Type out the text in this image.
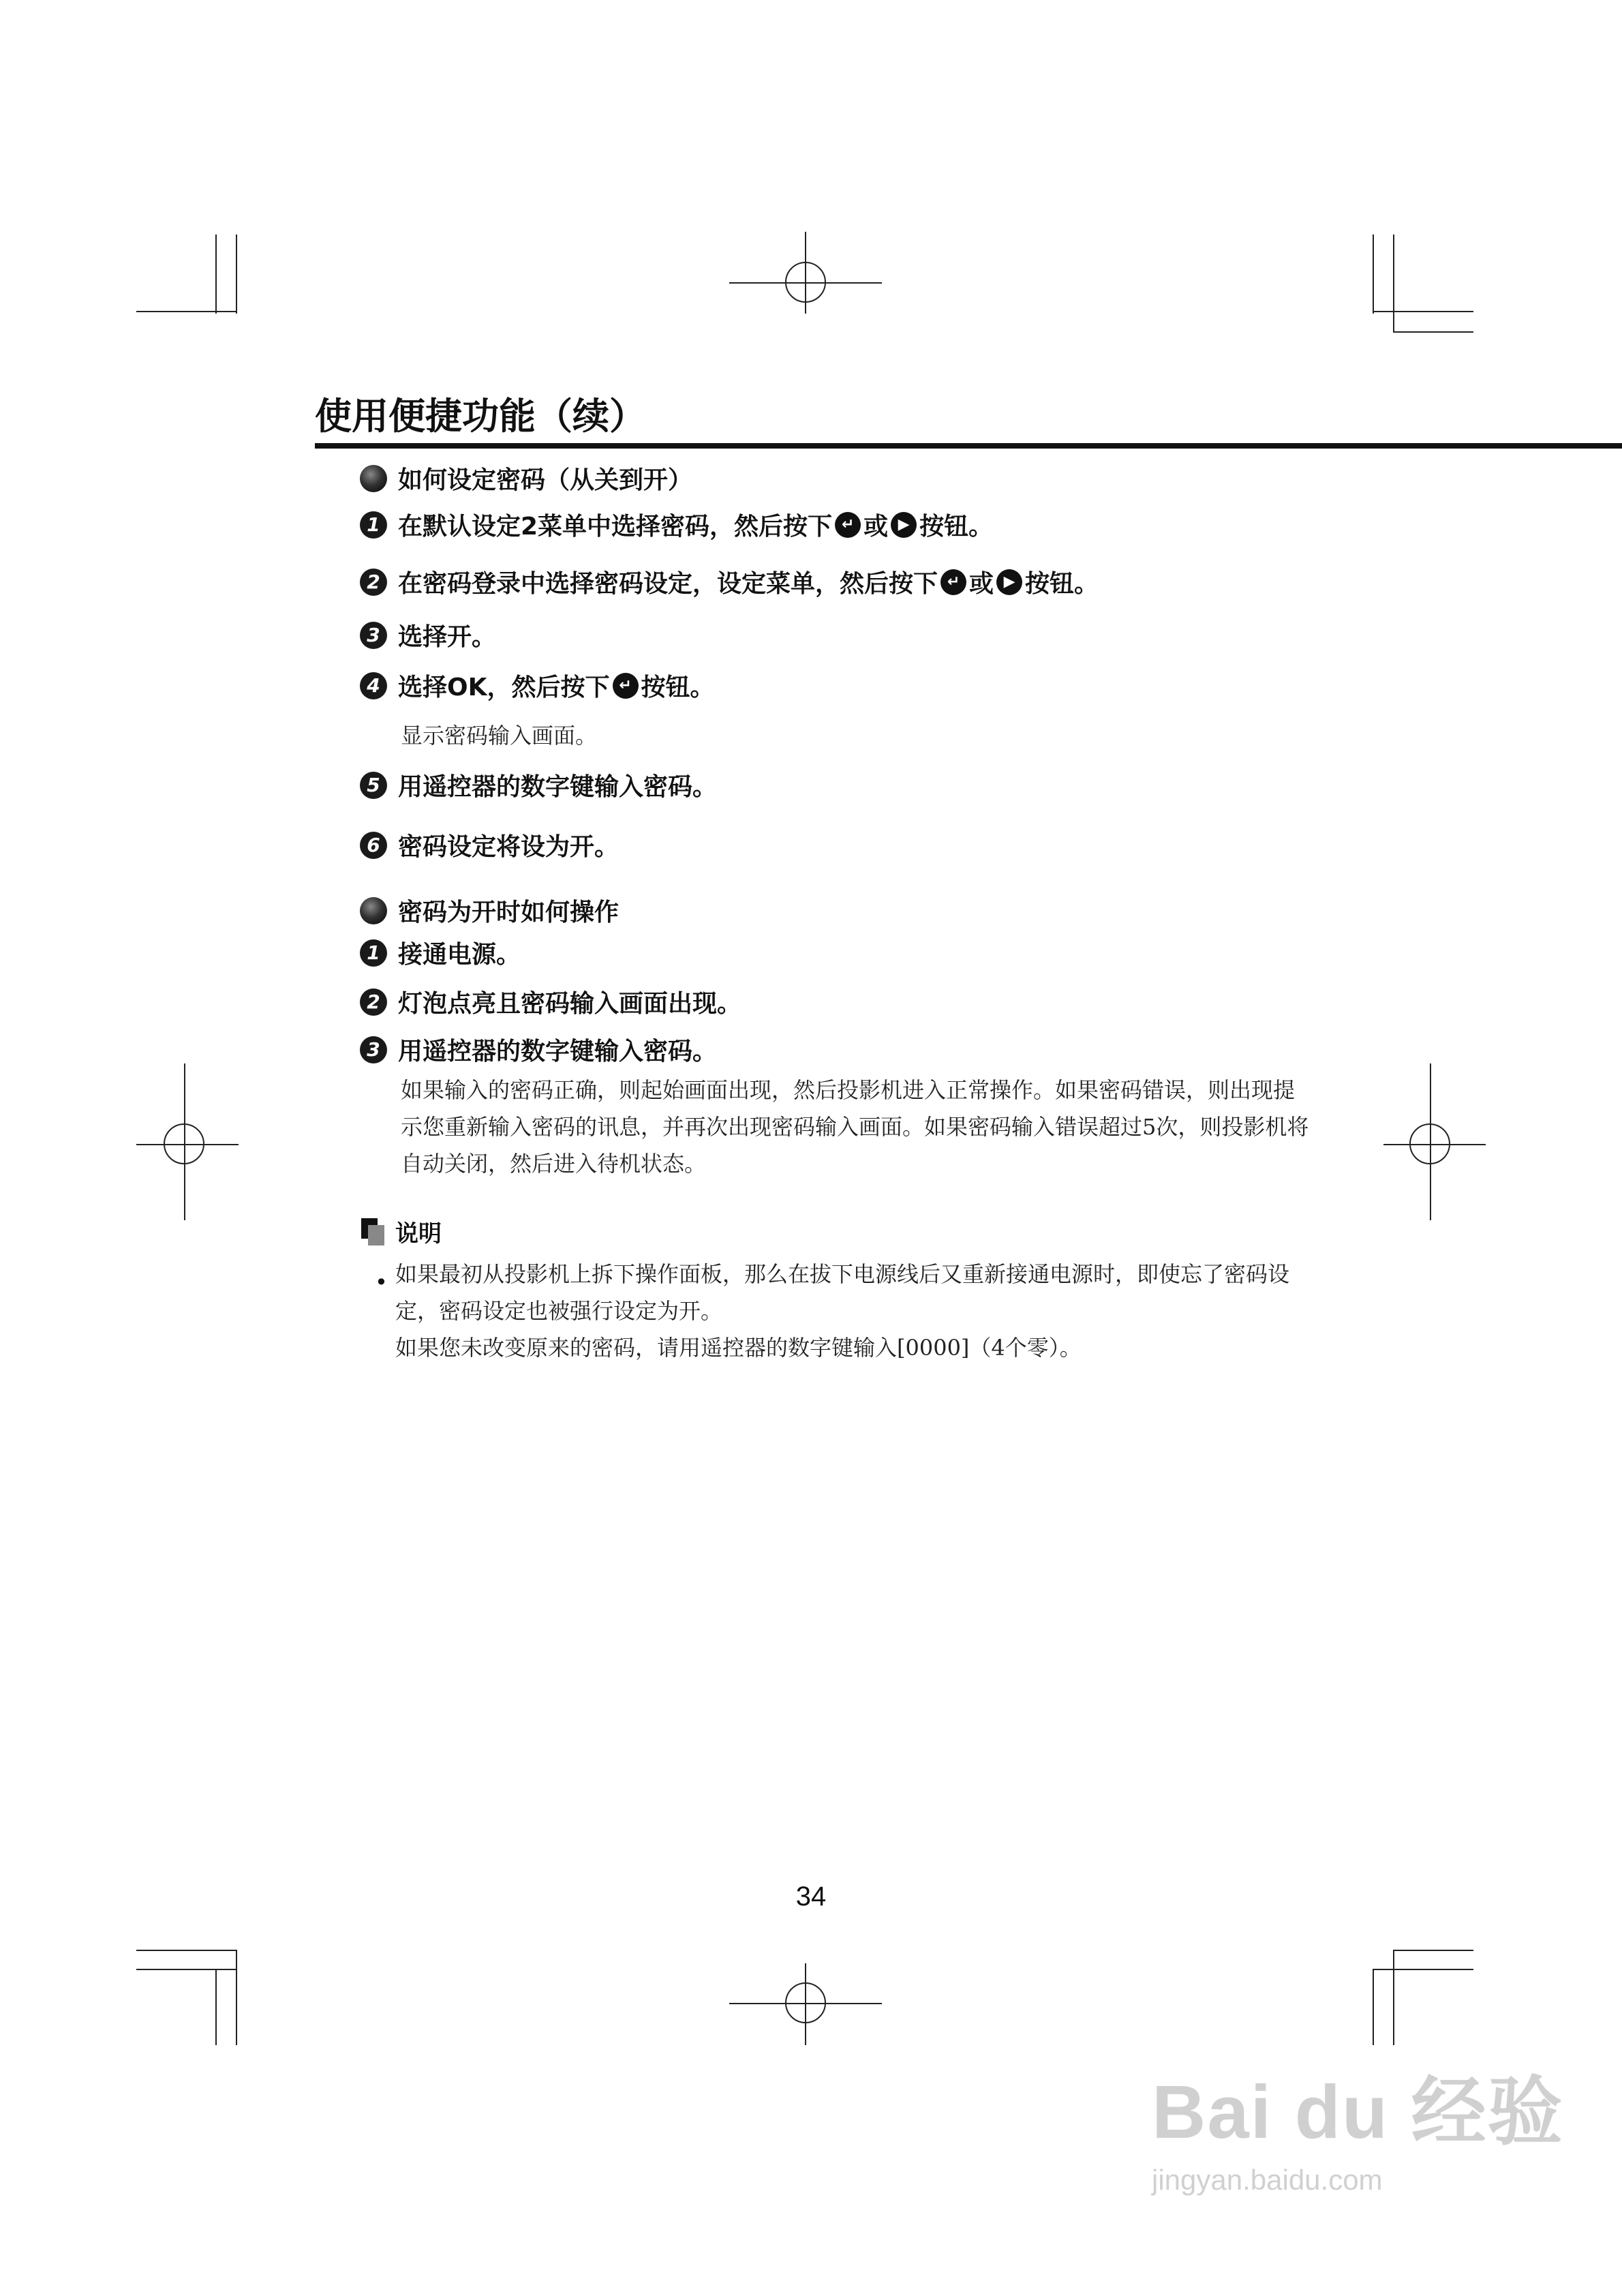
使用便捷功能（续）
如何设定密码（从关到开）
1 在默认设定2菜单中选择密码，然后按下 ↵ 或 ▶ 按钮。
2 在密码登录中选择密码设定，设定菜单，然后按下 ↵ 或 ▶ 按钮。
3 选择开。
4 选择OK，然后按下 ↵ 按钮。
显示密码输入画面。
5 用遥控器的数字键输入密码。
6 密码设定将设为开。
密码为开时如何操作
1 接通电源。
2 灯泡点亮且密码输入画面出现。
3 用遥控器的数字键输入密码。
如果输入的密码正确，则起始画面出现，然后投影机进入正常操作。如果密码错误，则出现提示您重新输入密码的讯息，并再次出现密码输入画面。如果密码输入错误超过5次，则投影机将自动关闭，然后进入待机状态。
说明
• 如果最初从投影机上拆下操作面板，那么在拔下电源线后又重新接通电源时，即使忘了密码设定，密码设定也被强行设定为开。
如果您未改变原来的密码，请用遥控器的数字键输入[0000]（4个零）。
34
Bai du 经验
jingyan.baidu.com
